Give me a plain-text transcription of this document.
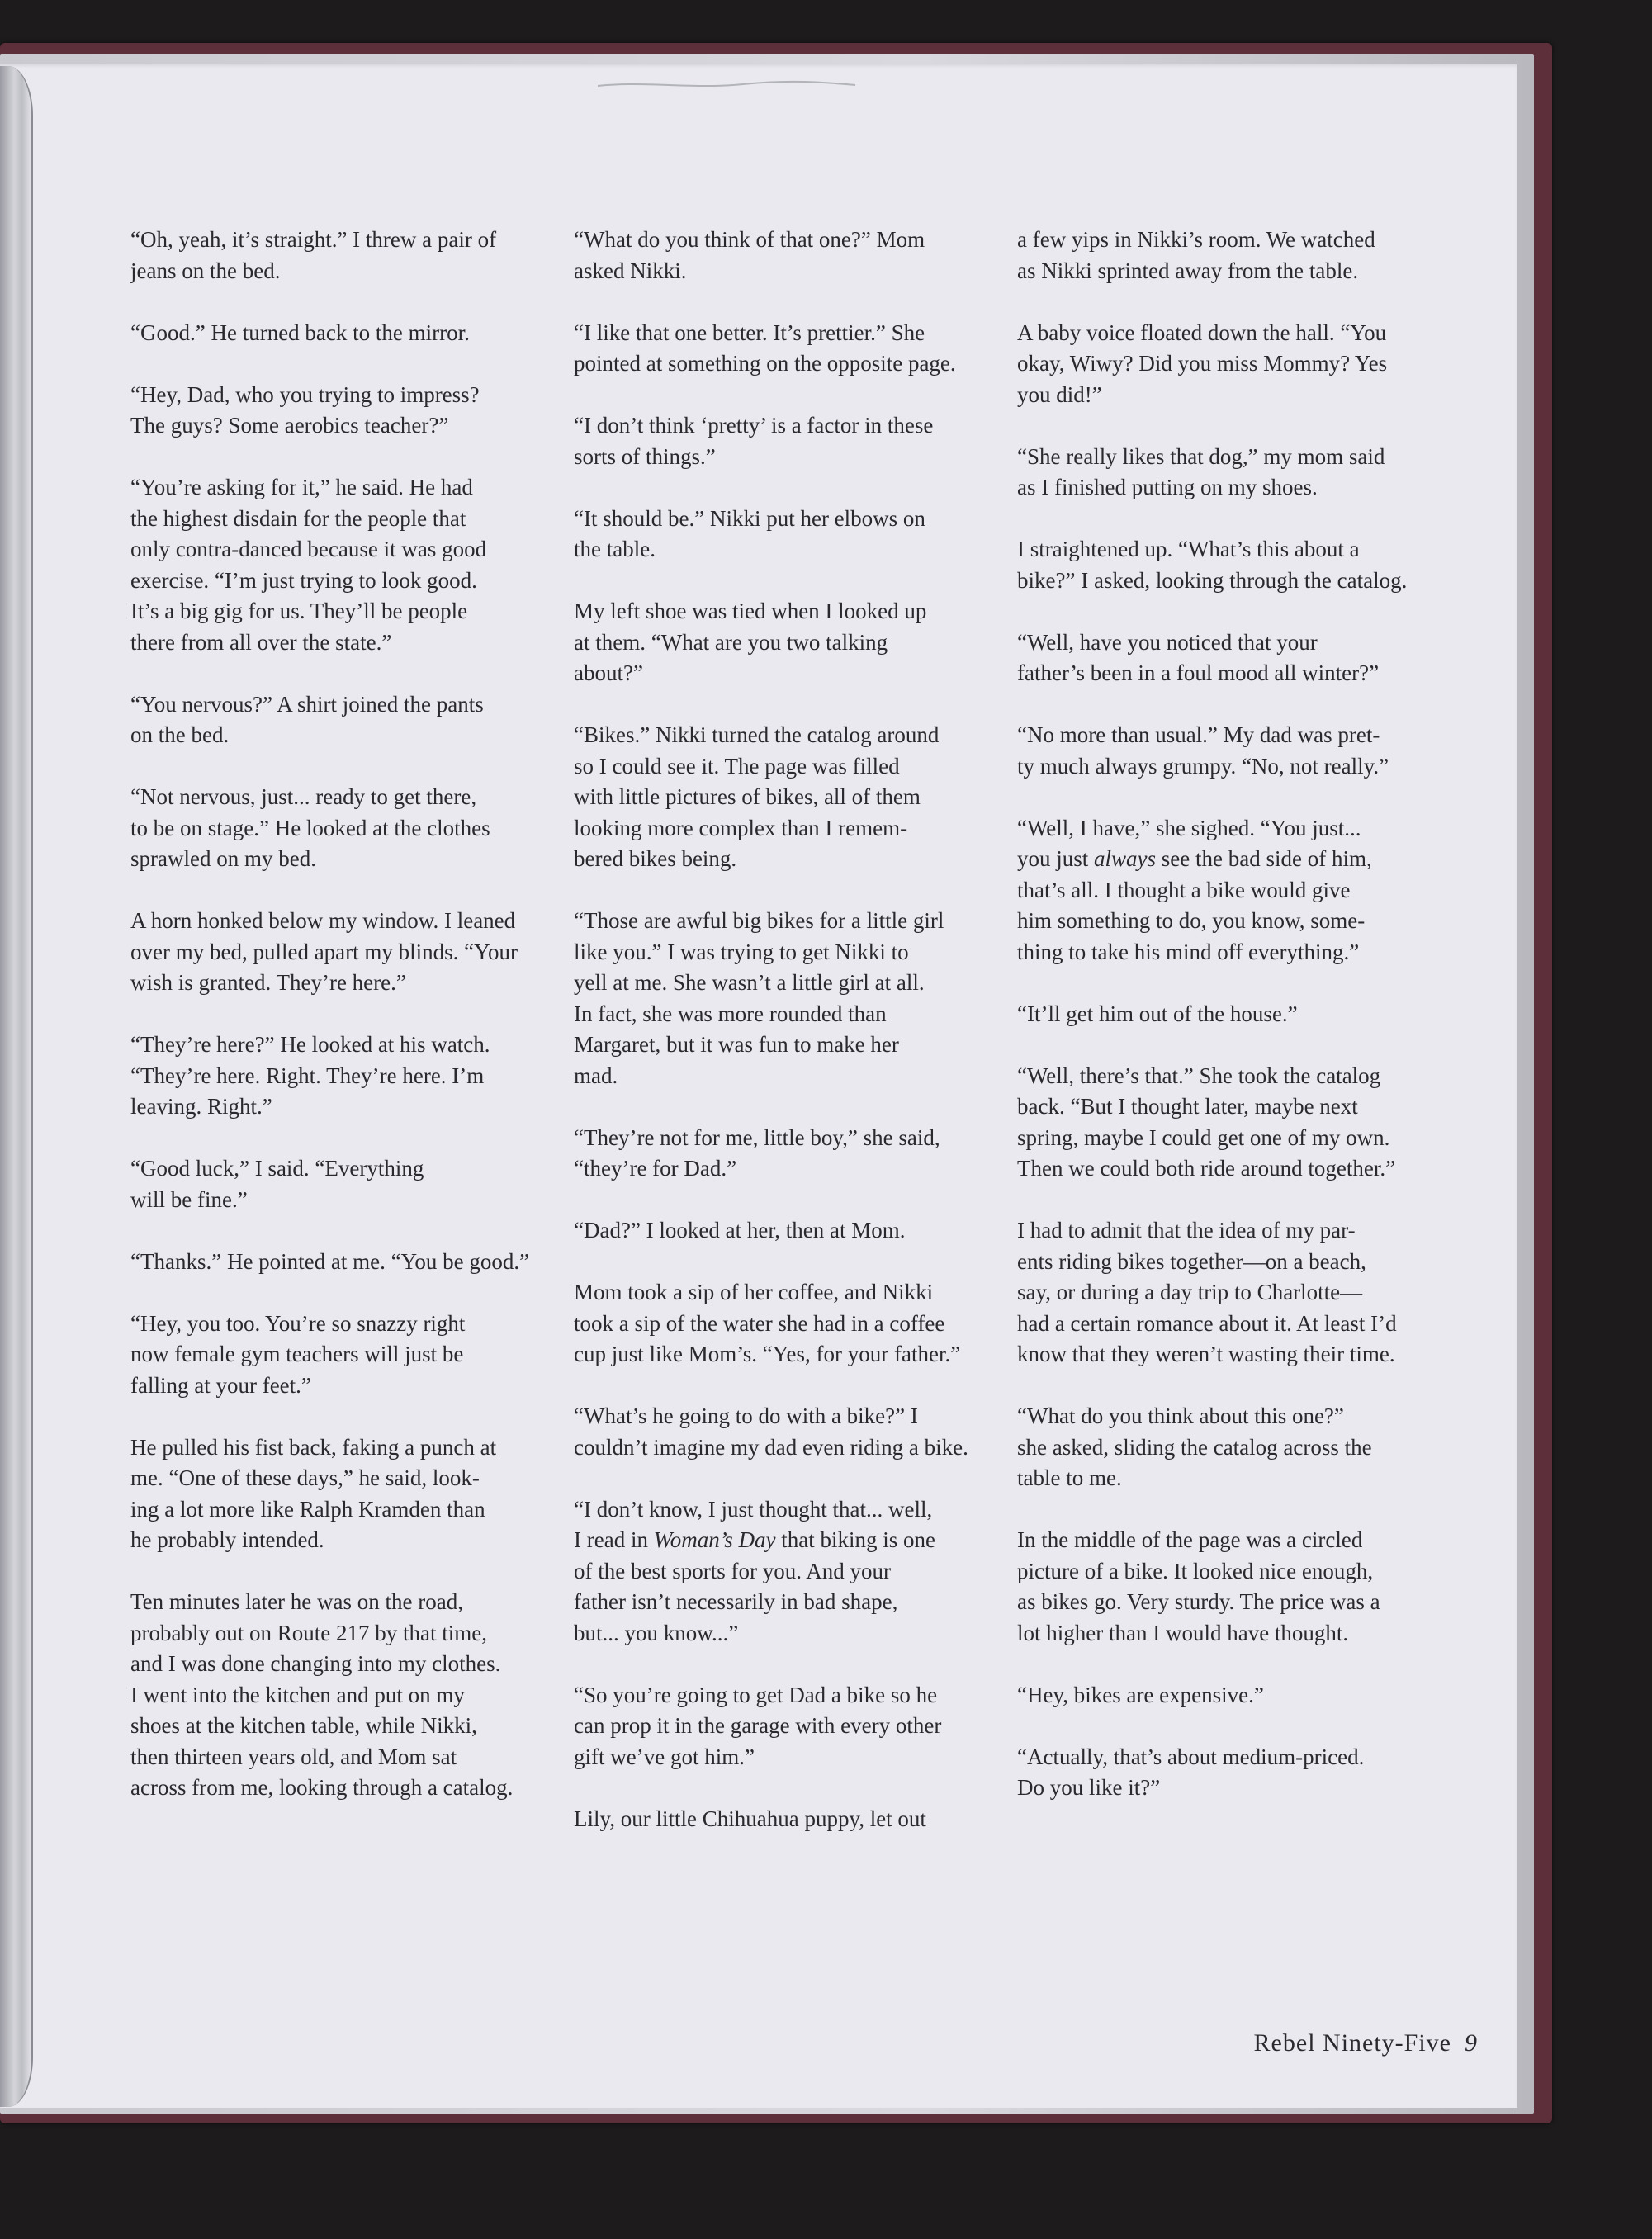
“Oh, yeah, it’s straight.” I threw a pair of
jeans on the bed.

“Good.” He turned back to the mirror.

“Hey, Dad, who you trying to impress?
The guys? Some aerobics teacher?”

“You’re asking for it,” he said. He had
the highest disdain for the people that
only contra-danced because it was good
exercise. “I’m just trying to look good.
It’s a big gig for us. They’ll be people
there from all over the state.”

“You nervous?” A shirt joined the pants
on the bed.

“Not nervous, just... ready to get there,
to be on stage.” He looked at the clothes
sprawled on my bed.

A horn honked below my window. I leaned
over my bed, pulled apart my blinds. “Your
wish is granted. They’re here.”

“They’re here?” He looked at his watch.
“They’re here. Right. They’re here. I’m
leaving. Right.”

“Good luck,” I said. “Everything
will be fine.”

“Thanks.” He pointed at me. “You be good.”

“Hey, you too. You’re so snazzy right
now female gym teachers will just be
falling at your feet.”

He pulled his fist back, faking a punch at
me. “One of these days,” he said, look-
ing a lot more like Ralph Kramden than
he probably intended.

Ten minutes later he was on the road,
probably out on Route 217 by that time,
and I was done changing into my clothes.
I went into the kitchen and put on my
shoes at the kitchen table, while Nikki,
then thirteen years old, and Mom sat
across from me, looking through a catalog.

“What do you think of that one?” Mom
asked Nikki.

“I like that one better. It’s prettier.” She
pointed at something on the opposite page.

“I don’t think ‘pretty’ is a factor in these
sorts of things.”

“It should be.” Nikki put her elbows on
the table.

My left shoe was tied when I looked up
at them. “What are you two talking
about?”

“Bikes.” Nikki turned the catalog around
so I could see it. The page was filled
with little pictures of bikes, all of them
looking more complex than I remem-
bered bikes being.

“Those are awful big bikes for a little girl
like you.” I was trying to get Nikki to
yell at me. She wasn’t a little girl at all.
In fact, she was more rounded than
Margaret, but it was fun to make her
mad.

“They’re not for me, little boy,” she said,
“they’re for Dad.”

“Dad?” I looked at her, then at Mom.

Mom took a sip of her coffee, and Nikki
took a sip of the water she had in a coffee
cup just like Mom’s. “Yes, for your father.”

“What’s he going to do with a bike?” I
couldn’t imagine my dad even riding a bike.

“I don’t know, I just thought that... well,
I read in Woman’s Day that biking is one
of the best sports for you. And your
father isn’t necessarily in bad shape,
but... you know...”

“So you’re going to get Dad a bike so he
can prop it in the garage with every other
gift we’ve got him.”

Lily, our little Chihuahua puppy, let out

a few yips in Nikki’s room. We watched
as Nikki sprinted away from the table.

A baby voice floated down the hall. “You
okay, Wiwy? Did you miss Mommy? Yes
you did!”

“She really likes that dog,” my mom said
as I finished putting on my shoes.

I straightened up. “What’s this about a
bike?” I asked, looking through the catalog.

“Well, have you noticed that your
father’s been in a foul mood all winter?”

“No more than usual.” My dad was pret-
ty much always grumpy. “No, not really.”

“Well, I have,” she sighed. “You just...
you just always see the bad side of him,
that’s all. I thought a bike would give
him something to do, you know, some-
thing to take his mind off everything.”

“It’ll get him out of the house.”

“Well, there’s that.” She took the catalog
back. “But I thought later, maybe next
spring, maybe I could get one of my own.
Then we could both ride around together.”

I had to admit that the idea of my par-
ents riding bikes together—on a beach,
say, or during a day trip to Charlotte—
had a certain romance about it. At least I’d
know that they weren’t wasting their time.

“What do you think about this one?”
she asked, sliding the catalog across the
table to me.

In the middle of the page was a circled
picture of a bike. It looked nice enough,
as bikes go. Very sturdy. The price was a
lot higher than I would have thought.

“Hey, bikes are expensive.”

“Actually, that’s about medium-priced.
Do you like it?”

Rebel Ninety-Five 9
